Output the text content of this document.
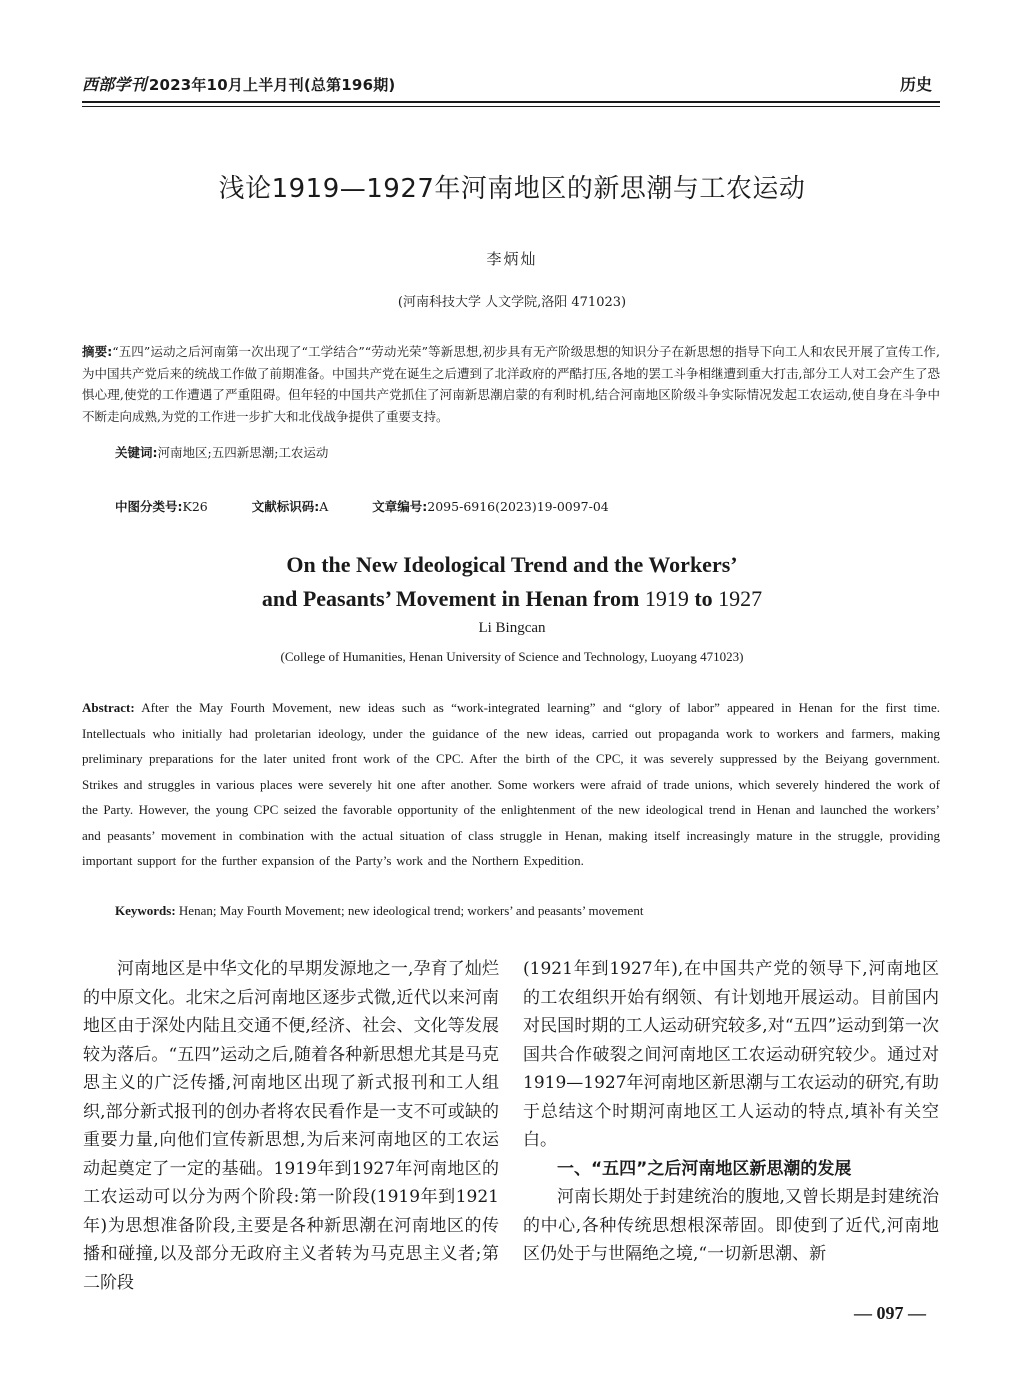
西部学刊 2023年10月上半月刊(总第196期)	历史
浅论1919—1927年河南地区的新思潮与工农运动
李炳灿
(河南科技大学 人文学院,洛阳 471023)
摘要:“五四”运动之后河南第一次出现了“工学结合”“劳动光荣”等新思想,初步具有无产阶级思想的知识分子在新思想的指导下向工人和农民开展了宣传工作,为中国共产党后来的统战工作做了前期准备。中国共产党在诞生之后遭到了北洋政府的严酷打压,各地的罢工斗争相继遭到重大打击,部分工人对工会产生了恐惧心理,使党的工作遭遇了严重阻碍。但年轻的中国共产党抓住了河南新思潮启蒙的有利时机,结合河南地区阶级斗争实际情况发起工农运动,使自身在斗争中不断走向成熟,为党的工作进一步扩大和北伐战争提供了重要支持。
关键词:河南地区;五四新思潮;工农运动
中图分类号:K26	文献标识码:A	文章编号:2095-6916(2023)19-0097-04
On the New Ideological Trend and the Workers’
and Peasants’ Movement in Henan from 1919 to 1927
Li Bingcan
(College of Humanities, Henan University of Science and Technology, Luoyang 471023)
Abstract: After the May Fourth Movement, new ideas such as “work-integrated learning” and “glory of labor” appeared in Henan for the first time. Intellectuals who initially had proletarian ideology, under the guidance of the new ideas, carried out propaganda work to workers and farmers, making preliminary preparations for the later united front work of the CPC. After the birth of the CPC, it was severely suppressed by the Beiyang government. Strikes and struggles in various places were severely hit one after another. Some workers were afraid of trade unions, which severely hindered the work of the Party. However, the young CPC seized the favorable opportunity of the enlightenment of the new ideological trend in Henan and launched the workers’ and peasants’ movement in combination with the actual situation of class struggle in Henan, making itself increasingly mature in the struggle, providing important support for the further expansion of the Party’s work and the Northern Expedition.
Keywords: Henan; May Fourth Movement; new ideological trend; workers’ and peasants’ movement

河南地区是中华文化的早期发源地之一,孕育了灿烂的中原文化。北宋之后河南地区逐步式微,近代以来河南地区由于深处内陆且交通不便,经济、社会、文化等发展较为落后。“五四”运动之后,随着各种新思想尤其是马克思主义的广泛传播,河南地区出现了新式报刊和工人组织,部分新式报刊的创办者将农民看作是一支不可或缺的重要力量,向他们宣传新思想,为后来河南地区的工农运动起奠定了一定的基础。1919年到1927年河南地区的工农运动可以分为两个阶段:第一阶段(1919年到1921年)为思想准备阶段,主要是各种新思潮在河南地区的传播和碰撞,以及部分无政府主义者转为马克思主义者;第二阶段

(1921年到1927年),在中国共产党的领导下,河南地区的工农组织开始有纲领、有计划地开展运动。目前国内对民国时期的工人运动研究较多,对“五四”运动到第一次国共合作破裂之间河南地区工农运动研究较少。通过对1919—1927年河南地区新思潮与工农运动的研究,有助于总结这个时期河南地区工人运动的特点,填补有关空白。

一、“五四”之后河南地区新思潮的发展

河南长期处于封建统治的腹地,又曾长期是封建统治的中心,各种传统思想根深蒂固。即使到了近代,河南地区仍处于与世隔绝之境,“一切新思潮、新

— 097 —
